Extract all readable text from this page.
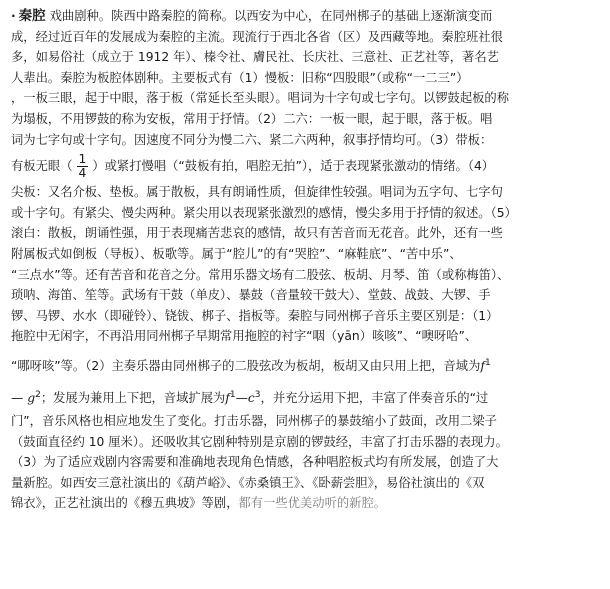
· 秦腔 戏曲剧种。陕西中路秦腔的简称。以西安为中心，在同州梆子的基础上逐渐演变而
成，经过近百年的发展成为秦腔的主流。现流行于西北各省（区）及西藏等地。秦腔班社很
多，如易俗社（成立于 1912 年）、榛令社、膚民社、长庆社、三意社、正艺社等，著名艺
人辈出。秦腔为板腔体剧种。主要板式有（1）慢板：旧称“四股眼”（或称“一二三”）
，一板三眼，起于中眼，落于板（常延长至头眼）。唱词为十字句或七字句。以锣鼓起板的称
为塌板，不用锣鼓的称为安板，常用于抒情。（2）二六：一板一眼，起于眼，落于板。唱
词为七字句或十字句。因速度不同分为慢二六、紧二六两种，叙事抒情均可。（3）带板：
有板无眼（ $\frac{1}{4}$ ）或紧打慢唱（“鼓板有拍，唱腔无拍”），适于表现紧张激动的情绪。（4）
尖板：又名介板、垫板。属于散板，具有朗诵性质，但旋律性较强。唱词为五字句、七字句
或十字句。有紧尖、慢尖两种。紧尖用以表现紧张激烈的感情，慢尖多用于抒情的叙述。（5）
滚白：散板，朗诵性强，用于表现痛苦悲哀的感情，故只有苦音而无花音。此外，还有一些
附属板式如倒板（导板）、板歌等。属于“腔儿”的有“哭腔”、“麻鞋底”、“苦中乐”、
“三点水”等。还有苦音和花音之分。常用乐器文场有二股弦、板胡、月琴、笛（或称梅笛）、
琐呐、海笛、笙等。武场有干鼓（单皮）、暴鼓（音量较干鼓大）、堂鼓、战鼓、大锣、手
锣、马锣、水水（即碰铃）、铙钹、梆子、指板等。秦腔与同州梆子音乐主要区别是：（1）
拖腔中无闲字，不再沿用同州梆子早期常用拖腔的衬字“咽（yān）咳咳”、“噢呀哈”、
“哪呀咳”等。（2）主奏乐器由同州梆子的二股弦改为板胡，板胡又由只用上把，音域为$f^1$
— $g^2$；发展为兼用上下把，音域扩展为$f^1—c^3$，并充分运用下把，丰富了伴奏音乐的“过
门”，音乐风格也相应地发生了变化。打击乐器，同州梆子的暴鼓缩小了鼓面，改用二梁子
（鼓面直径约 10 厘米）。还吸收其它剧种特别是京剧的锣鼓经，丰富了打击乐器的表现力。
（3）为了适应戏剧内容需要和准确地表现角色情感，各种唱腔板式均有所发展，创造了大
量新腔。如西安三意社演出的《葫芦峪》、《赤桑镇王》、《卧薪尝胆》，易俗社演出的《双
锦衣》，正艺社演出的《穆五典坡》等剧，都有一些优美动听的新腔。
